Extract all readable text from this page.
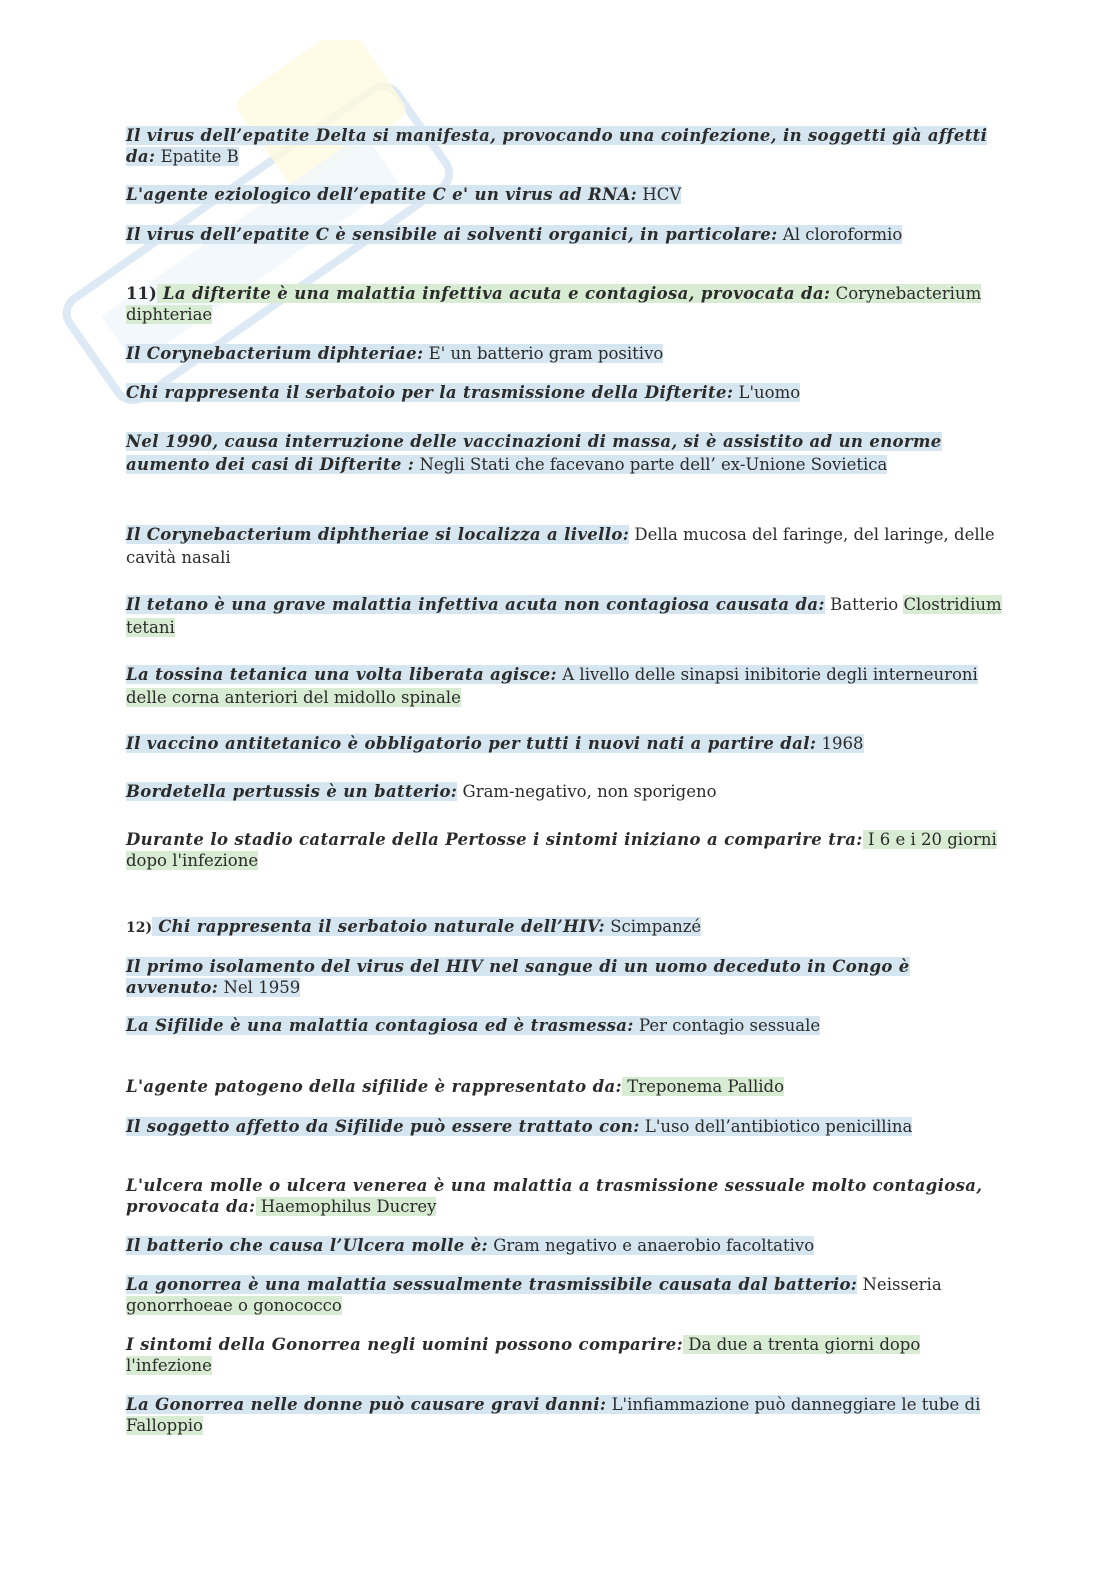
Il virus dell’epatite Delta si manifesta, provocando una coinfezione, in soggetti già affetti da: Epatite B
L'agente eziologico dell’epatite C e' un virus ad RNA: HCV
Il virus dell’epatite C è sensibile ai solventi organici, in particolare: Al cloroformio
11) La difterite è una malattia infettiva acuta e contagiosa, provocata da: Corynebacterium diphteriae
Il Corynebacterium diphteriae: E' un batterio gram positivo
Chi rappresenta il serbatoio per la trasmissione della Difterite: L'uomo
Nel 1990, causa interruzione delle vaccinazioni di massa, si è assistito ad un enorme aumento dei casi di Difterite : Negli Stati che facevano parte dell’ ex-Unione Sovietica
Il Corynebacterium diphtheriae si localizza a livello: Della mucosa del faringe, del laringe, delle cavità nasali
Il tetano è una grave malattia infettiva acuta non contagiosa causata da: Batterio Clostridium tetani
La tossina tetanica una volta liberata agisce: A livello delle sinapsi inibitorie degli interneuroni delle corna anteriori del midollo spinale
Il vaccino antitetanico è obbligatorio per tutti i nuovi nati a partire dal: 1968
Bordetella pertussis è un batterio: Gram-negativo, non sporigeno
Durante lo stadio catarrale della Pertosse i sintomi iniziano a comparire tra: I 6 e i 20 giorni dopo l'infezione
12) Chi rappresenta il serbatoio naturale dell’HIV: Scimpanzé
Il primo isolamento del virus del HIV nel sangue di un uomo deceduto in Congo è avvenuto: Nel 1959
La Sifilide è una malattia contagiosa ed è trasmessa: Per contagio sessuale
L'agente patogeno della sifilide è rappresentato da: Treponema Pallido
Il soggetto affetto da Sifilide può essere trattato con: L'uso dell’antibiotico penicillina
L'ulcera molle o ulcera venerea è una malattia a trasmissione sessuale molto contagiosa, provocata da: Haemophilus Ducrey
Il batterio che causa l’Ulcera molle è: Gram negativo e anaerobio facoltativo
La gonorrea è una malattia sessualmente trasmissibile causata dal batterio: Neisseria gonorrhoeae o gonococco
I sintomi della Gonorrea negli uomini possono comparire: Da due a trenta giorni dopo l'infezione
La Gonorrea nelle donne può causare gravi danni: L'infiammazione può danneggiare le tube di Falloppio
